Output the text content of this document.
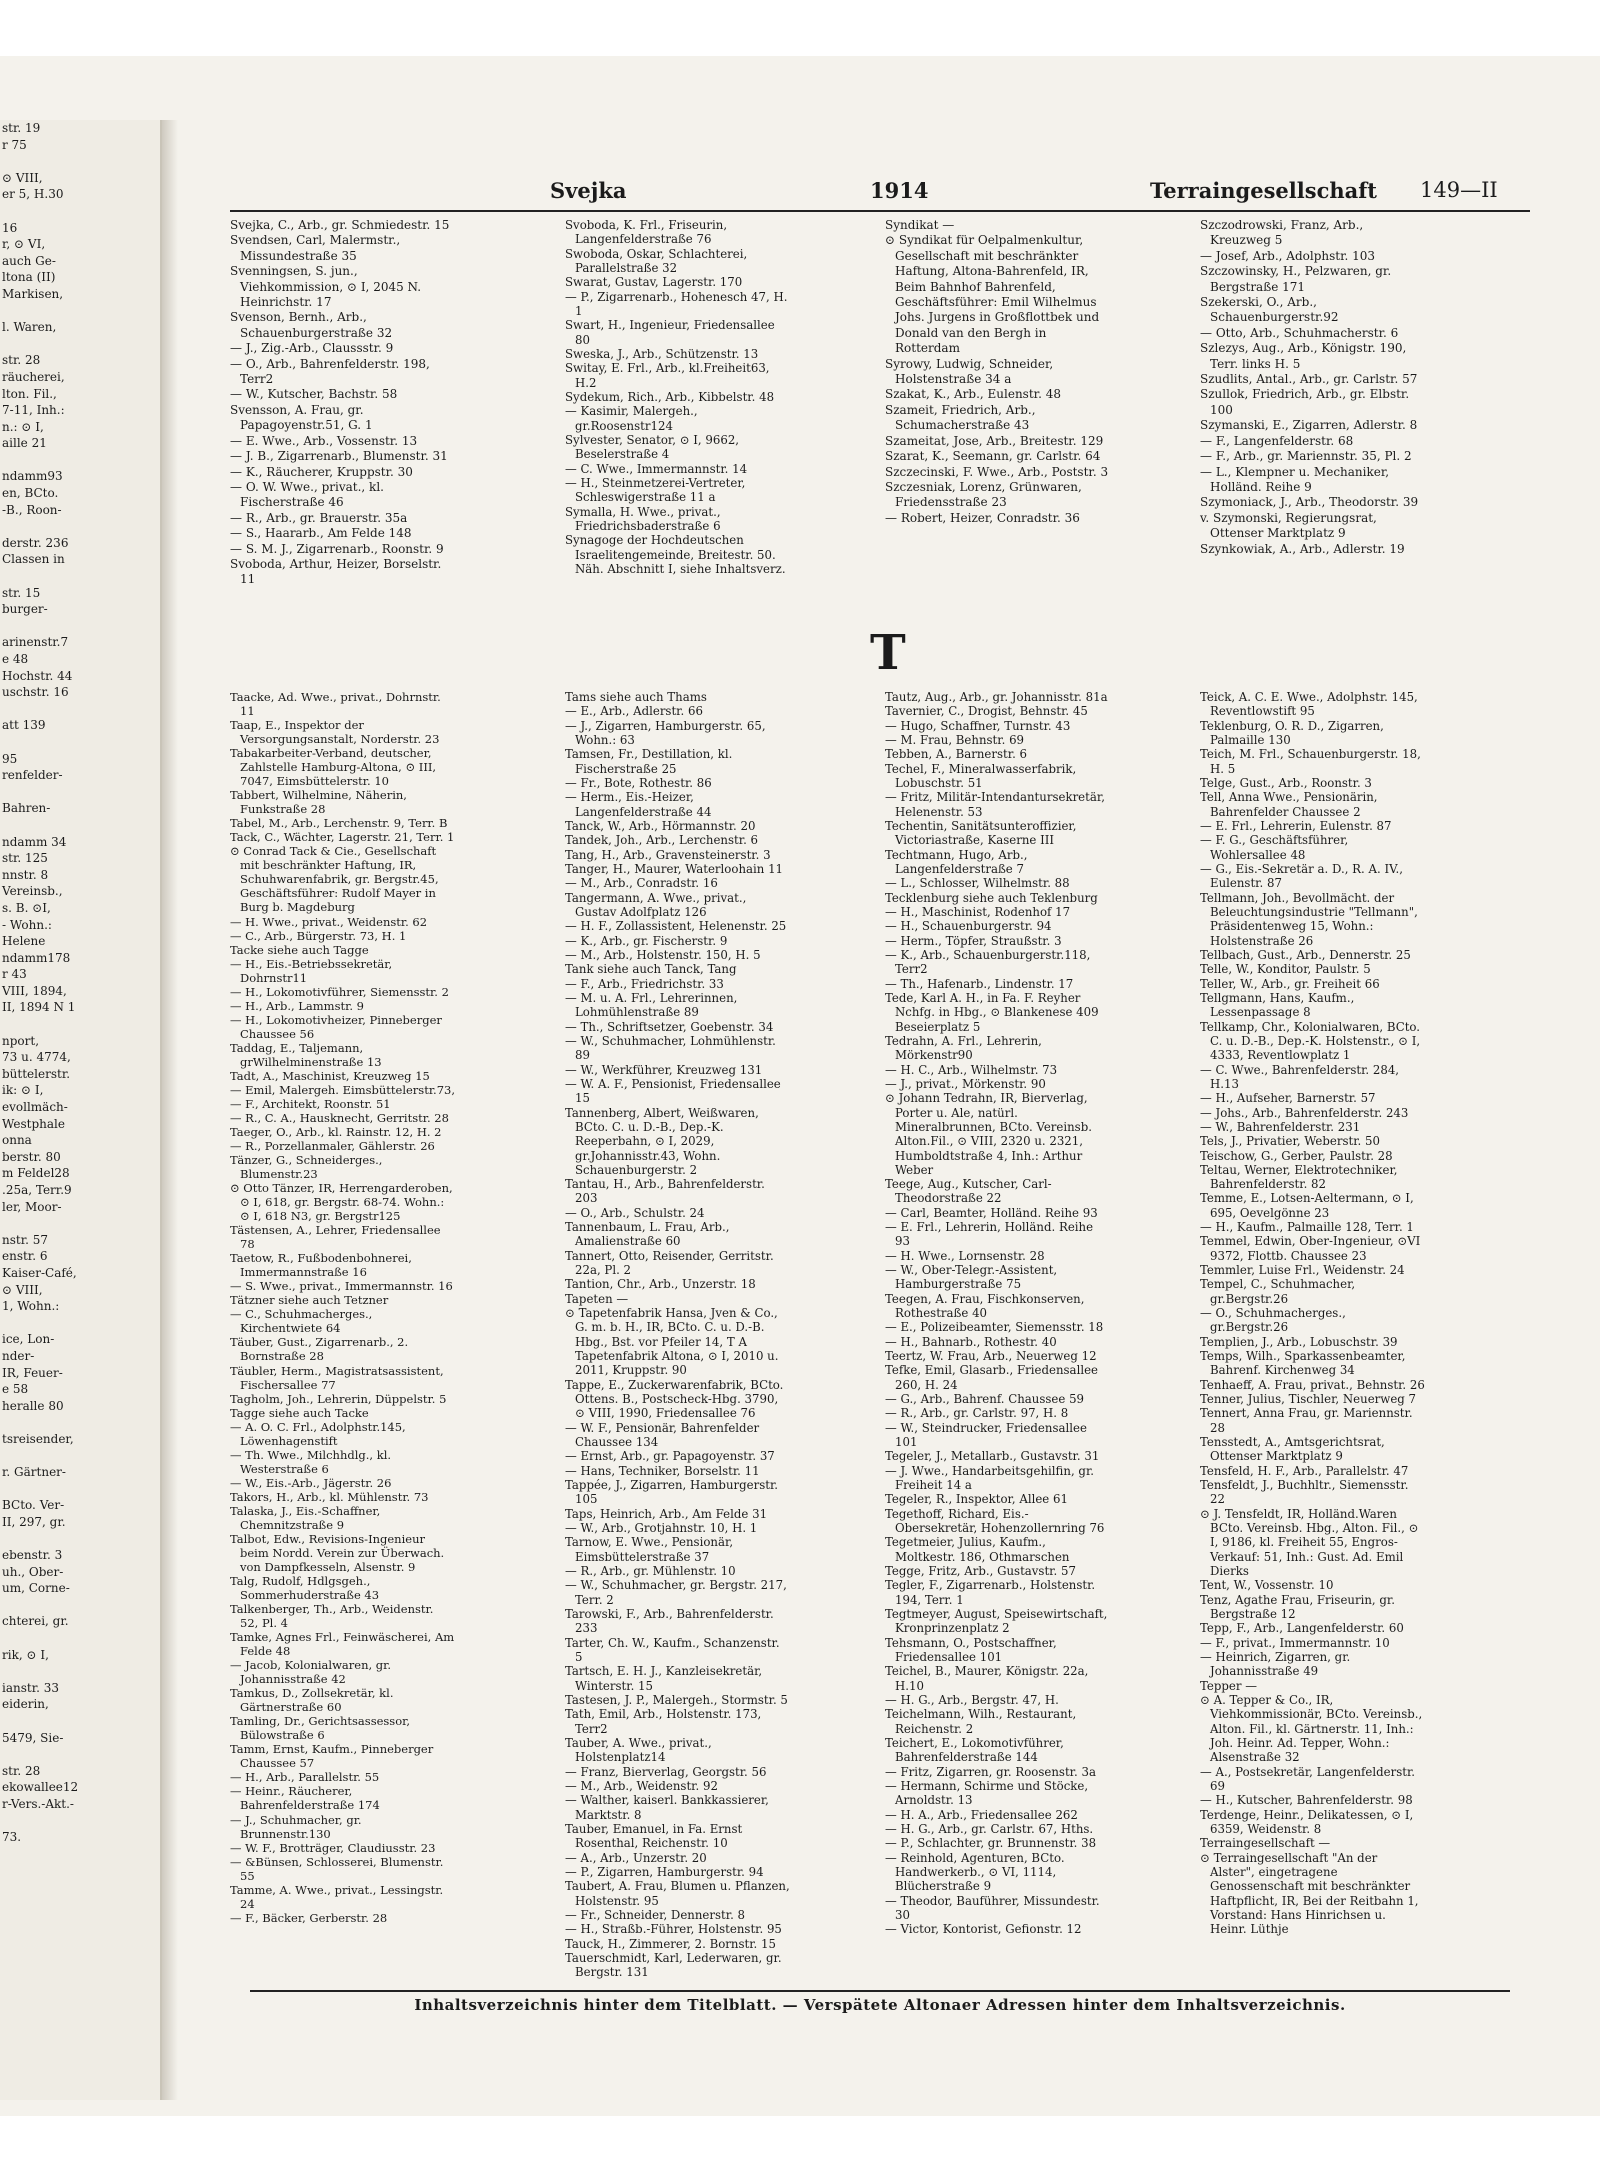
str. 19
r 75

⊙ VIII,
er 5, H.30

16
r, ⊙ VI,
auch Ge-
ltona (II)
Markisen,

l. Waren,

str. 28
räucherei,
lton. Fil.,
7-11, Inh.:
n.: ⊙ I,
aille 21

ndamm93
en, BCto.
-B., Roon-

derstr. 236
Classen in

str. 15
burger-

arinenstr.7
e 48
Hochstr. 44
uschstr. 16

att 139

95
renfelder-

Bahren-

ndamm 34
str. 125
nnstr. 8
Vereinsb.,
s. B. ⊙I,
- Wohn.:
Helene
ndamm178
r 43
VIII, 1894,
II, 1894 N 1

nport,
73 u. 4774,
büttelerstr.
ik: ⊙ I,
evollmäch-
Westphale
onna
berstr. 80
m Feldel28
.25a, Terr.9
ler, Moor-

nstr. 57
enstr. 6
Kaiser-Café,
⊙ VIII,
1, Wohn.:

ice, Lon-
nder-
IR, Feuer-
e 58
heralle 80

tsreisender,

r. Gärtner-

BCto. Ver-
II, 297, gr.

ebenstr. 3
uh., Ober-
um, Corne-

chterei, gr.

rik, ⊙ I,

ianstr. 33
eiderin,

5479, Sie-

str. 28
ekowallee12
r-Vers.-Akt.-

73.
Svejka	1914	Terraingesellschaft 149—II

Svejka, C., Arb., gr. Schmiedestr. 15

Svendsen, Carl, Malermstr., Missundestraße 35

Svenningsen, S. jun., Viehkommission, ⊙ I, 2045 N. Heinrichstr. 17

Svenson, Bernh., Arb., Schauenburgerstraße 32

— J., Zig.-Arb., Claussstr. 9

— O., Arb., Bahrenfelderstr. 198, Terr2

— W., Kutscher, Bachstr. 58

Svensson, A. Frau, gr. Papagoyenstr.51, G. 1

— E. Wwe., Arb., Vossenstr. 13

— J. B., Zigarrenarb., Blumenstr. 31

— K., Räucherer, Kruppstr. 30

— O. W. Wwe., privat., kl. Fischerstraße 46

— R., Arb., gr. Brauerstr. 35a

— S., Haararb., Am Felde 148

— S. M. J., Zigarrenarb., Roonstr. 9

Svoboda, Arthur, Heizer, Borselstr. 11

Svoboda, K. Frl., Friseurin, Langenfelderstraße 76

Swoboda, Oskar, Schlachterei, Parallelstraße 32

Swarat, Gustav, Lagerstr. 170

— P., Zigarrenarb., Hohenesch 47, H. 1

Swart, H., Ingenieur, Friedensallee 80

Sweska, J., Arb., Schützenstr. 13

Switay, E. Frl., Arb., kl.Freiheit63, H.2

Sydekum, Rich., Arb., Kibbelstr. 48

— Kasimir, Malergeh., gr.Roosenstr124

Sylvester, Senator, ⊙ I, 9662, Beselerstraße 4

— C. Wwe., Immermannstr. 14

— H., Steinmetzerei-Vertreter, Schleswigerstraße 11 a

Symalla, H. Wwe., privat., Friedrichsbaderstraße 6

Synagoge der Hochdeutschen Israelitengemeinde, Breitestr. 50. Näh. Abschnitt I, siehe Inhaltsverz.

Syndikat —

⊙ Syndikat für Oelpalmenkultur, Gesellschaft mit beschränkter Haftung, Altona-Bahrenfeld, IR, Beim Bahnhof Bahrenfeld, Geschäftsführer: Emil Wilhelmus Johs. Jurgens in Großflottbek und Donald van den Bergh in Rotterdam

Syrowy, Ludwig, Schneider, Holstenstraße 34 a

Szakat, K., Arb., Eulenstr. 48

Szameit, Friedrich, Arb., Schumacherstraße 43

Szameitat, Jose, Arb., Breitestr. 129

Szarat, K., Seemann, gr. Carlstr. 64

Szczecinski, F. Wwe., Arb., Poststr. 3

Szczesniak, Lorenz, Grünwaren, Friedensstraße 23

— Robert, Heizer, Conradstr. 36

Szczodrowski, Franz, Arb., Kreuzweg 5

— Josef, Arb., Adolphstr. 103

Szczowinsky, H., Pelzwaren, gr. Bergstraße 171

Szekerski, O., Arb., Schauenburgerstr.92

— Otto, Arb., Schuhmacherstr. 6

Szlezys, Aug., Arb., Königstr. 190, Terr. links H. 5

Szudlits, Antal., Arb., gr. Carlstr. 57

Szullok, Friedrich, Arb., gr. Elbstr. 100

Szymanski, E., Zigarren, Adlerstr. 8

— F., Langenfelderstr. 68

— F., Arb., gr. Mariennstr. 35, Pl. 2

— L., Klempner u. Mechaniker, Holländ. Reihe 9

Szymoniack, J., Arb., Theodorstr. 39

v. Szymonski, Regierungsrat, Ottenser Marktplatz 9

Szynkowiak, A., Arb., Adlerstr. 19

T

Taacke, Ad. Wwe., privat., Dohrnstr. 11

Taap, E., Inspektor der Versorgungsanstalt, Norderstr. 23

Tabakarbeiter-Verband, deutscher, Zahlstelle Hamburg-Altona, ⊙ III, 7047, Eimsbüttelerstr. 10

Tabbert, Wilhelmine, Näherin, Funkstraße 28

Tabel, M., Arb., Lerchenstr. 9, Terr. B

Tack, C., Wächter, Lagerstr. 21, Terr. 1

⊙ Conrad Tack & Cie., Gesellschaft mit beschränkter Haftung, IR, Schuhwarenfabrik, gr. Bergstr.45, Geschäftsführer: Rudolf Mayer in Burg b. Magdeburg

— H. Wwe., privat., Weidenstr. 62

— C., Arb., Bürgerstr. 73, H. 1

Tacke siehe auch Tagge

— H., Eis.-Betriebssekretär, Dohrnstr11

— H., Lokomotivführer, Siemensstr. 2

— H., Arb., Lammstr. 9

— H., Lokomotivheizer, Pinneberger Chaussee 56

Taddag, E., Taljemann, grWilhelminenstraße 13

Tadt, A., Maschinist, Kreuzweg 15

— Emil, Malergeh. Eimsbüttelerstr.73,

— F., Architekt, Roonstr. 51

— R., C. A., Hausknecht, Gerritstr. 28

Taeger, O., Arb., kl. Rainstr. 12, H. 2

— R., Porzellanmaler, Gählerstr. 26

Tänzer, G., Schneiderges., Blumenstr.23

⊙ Otto Tänzer, IR, Herrengarderoben, ⊙ I, 618, gr. Bergstr. 68-74. Wohn.: ⊙ I, 618 N3, gr. Bergstr125

Tästensen, A., Lehrer, Friedensallee 78

Taetow, R., Fußbodenbohnerei, Immermannstraße 16

— S. Wwe., privat., Immermannstr. 16

Tätzner siehe auch Tetzner

— C., Schuhmacherges., Kirchentwiete 64

Täuber, Gust., Zigarrenarb., 2. Bornstraße 28

Täubler, Herm., Magistratsassistent, Fischersallee 77

Tagholm, Joh., Lehrerin, Düppelstr. 5

Tagge siehe auch Tacke

— A. O. C. Frl., Adolphstr.145, Löwenhagenstift

— Th. Wwe., Milchhdlg., kl. Westerstraße 6

— W., Eis.-Arb., Jägerstr. 26

Takors, H., Arb., kl. Mühlenstr. 73

Talaska, J., Eis.-Schaffner, Chemnitzstraße 9

Talbot, Edw., Revisions-Ingenieur beim Nordd. Verein zur Überwach. von Dampfkesseln, Alsenstr. 9

Talg, Rudolf, Hdlgsgeh., Sommerhuderstraße 43

Talkenberger, Th., Arb., Weidenstr. 52, Pl. 4

Tamke, Agnes Frl., Feinwäscherei, Am Felde 48

— Jacob, Kolonialwaren, gr. Johannisstraße 42

Tamkus, D., Zollsekretär, kl. Gärtnerstraße 60

Tamling, Dr., Gerichtsassessor, Bülowstraße 6

Tamm, Ernst, Kaufm., Pinneberger Chaussee 57

— H., Arb., Parallelstr. 55

— Heinr., Räucherer, Bahrenfelderstraße 174

— J., Schuhmacher, gr. Brunnenstr.130

— W. F., Brotträger, Claudiusstr. 23

— &Bünsen, Schlosserei, Blumenstr. 55

Tamme, A. Wwe., privat., Lessingstr. 24

— F., Bäcker, Gerberstr. 28

Tams siehe auch Thams

— E., Arb., Adlerstr. 66

— J., Zigarren, Hamburgerstr. 65, Wohn.: 63

Tamsen, Fr., Destillation, kl. Fischerstraße 25

— Fr., Bote, Rothestr. 86

— Herm., Eis.-Heizer, Langenfelderstraße 44

Tanck, W., Arb., Hörmannstr. 20

Tandek, Joh., Arb., Lerchenstr. 6

Tang, H., Arb., Gravensteinerstr. 3

Tanger, H., Maurer, Waterloohain 11

— M., Arb., Conradstr. 16

Tangermann, A. Wwe., privat., Gustav Adolfplatz 126

— H. F., Zollassistent, Helenenstr. 25

— K., Arb., gr. Fischerstr. 9

— M., Arb., Holstenstr. 150, H. 5

Tank siehe auch Tanck, Tang

— F., Arb., Friedrichstr. 33

— M. u. A. Frl., Lehrerinnen, Lohmühlenstraße 89

— Th., Schriftsetzer, Goebenstr. 34

— W., Schuhmacher, Lohmühlenstr. 89

— W., Werkführer, Kreuzweg 131

— W. A. F., Pensionist, Friedensallee 15

Tannenberg, Albert, Weißwaren, BCto. C. u. D.-B., Dep.-K. Reeperbahn, ⊙ I, 2029, gr.Johannisstr.43, Wohn. Schauenburgerstr. 2

Tantau, H., Arb., Bahrenfelderstr. 203

— O., Arb., Schulstr. 24

Tannenbaum, L. Frau, Arb., Amalienstraße 60

Tannert, Otto, Reisender, Gerritstr. 22a, Pl. 2

Tantion, Chr., Arb., Unzerstr. 18

Tapeten —

⊙ Tapetenfabrik Hansa, Jven & Co., G. m. b. H., IR, BCto. C. u. D.-B. Hbg., Bst. vor Pfeiler 14, T A Tapetenfabrik Altona, ⊙ I, 2010 u. 2011, Kruppstr. 90

Tappe, E., Zuckerwarenfabrik, BCto. Ottens. B., Postscheck-Hbg. 3790, ⊙ VIII, 1990, Friedensallee 76

— W. F., Pensionär, Bahrenfelder Chaussee 134

— Ernst, Arb., gr. Papagoyenstr. 37

— Hans, Techniker, Borselstr. 11

Tappée, J., Zigarren, Hamburgerstr. 105

Taps, Heinrich, Arb., Am Felde 31

— W., Arb., Grotjahnstr. 10, H. 1

Tarnow, E. Wwe., Pensionär, Eimsbüttelerstraße 37

— R., Arb., gr. Mühlenstr. 10

— W., Schuhmacher, gr. Bergstr. 217, Terr. 2

Tarowski, F., Arb., Bahrenfelderstr. 233

Tarter, Ch. W., Kaufm., Schanzenstr. 5

Tartsch, E. H. J., Kanzleisekretär, Winterstr. 15

Tastesen, J. P., Malergeh., Stormstr. 5

Tath, Emil, Arb., Holstenstr. 173, Terr2

Tauber, A. Wwe., privat., Holstenplatz14

— Franz, Bierverlag, Georgstr. 56

— M., Arb., Weidenstr. 92

— Walther, kaiserl. Bankkassierer, Marktstr. 8

Tauber, Emanuel, in Fa. Ernst Rosenthal, Reichenstr. 10

— A., Arb., Unzerstr. 20

— P., Zigarren, Hamburgerstr. 94

Taubert, A. Frau, Blumen u. Pflanzen, Holstenstr. 95

— Fr., Schneider, Dennerstr. 8

— H., Straßb.-Führer, Holstenstr. 95

Tauck, H., Zimmerer, 2. Bornstr. 15

Tauerschmidt, Karl, Lederwaren, gr. Bergstr. 131

Tautz, Aug., Arb., gr. Johannisstr. 81a

Tavernier, C., Drogist, Behnstr. 45

— Hugo, Schaffner, Turnstr. 43

— M. Frau, Behnstr. 69

Tebben, A., Barnerstr. 6

Techel, F., Mineralwasserfabrik, Lobuschstr. 51

— Fritz, Militär-Intendantursekretär, Helenenstr. 53

Techentin, Sanitätsunteroffizier, Victoriastraße, Kaserne III

Techtmann, Hugo, Arb., Langenfelderstraße 7

— L., Schlosser, Wilhelmstr. 88

Tecklenburg siehe auch Teklenburg

— H., Maschinist, Rodenhof 17

— H., Schauenburgerstr. 94

— Herm., Töpfer, Straußstr. 3

— K., Arb., Schauenburgerstr.118, Terr2

— Th., Hafenarb., Lindenstr. 17

Tede, Karl A. H., in Fa. F. Reyher Nchfg. in Hbg., ⊙ Blankenese 409 Beseierplatz 5

Tedrahn, A. Frl., Lehrerin, Mörkenstr90

— H. C., Arb., Wilhelmstr. 73

— J., privat., Mörkenstr. 90

⊙ Johann Tedrahn, IR, Bierverlag, Porter u. Ale, natürl. Mineralbrunnen, BCto. Vereinsb. Alton.Fil., ⊙ VIII, 2320 u. 2321, Humboldtstraße 4, Inh.: Arthur Weber

Teege, Aug., Kutscher, Carl-Theodorstraße 22

— Carl, Beamter, Holländ. Reihe 93

— E. Frl., Lehrerin, Holländ. Reihe 93

— H. Wwe., Lornsenstr. 28

— W., Ober-Telegr.-Assistent, Hamburgerstraße 75

Teegen, A. Frau, Fischkonserven, Rothestraße 40

— E., Polizeibeamter, Siemensstr. 18

— H., Bahnarb., Rothestr. 40

Teertz, W. Frau, Arb., Neuerweg 12

Tefke, Emil, Glasarb., Friedensallee 260, H. 24

— G., Arb., Bahrenf. Chaussee 59

— R., Arb., gr. Carlstr. 97, H. 8

— W., Steindrucker, Friedensallee 101

Tegeler, J., Metallarb., Gustavstr. 31

— J. Wwe., Handarbeitsgehilfin, gr. Freiheit 14 a

Tegeler, R., Inspektor, Allee 61

Tegethoff, Richard, Eis.-Obersekretär, Hohenzollernring 76

Tegetmeier, Julius, Kaufm., Moltkestr. 186, Othmarschen

Tegge, Fritz, Arb., Gustavstr. 57

Tegler, F., Zigarrenarb., Holstenstr. 194, Terr. 1

Tegtmeyer, August, Speisewirtschaft, Kronprinzenplatz 2

Tehsmann, O., Postschaffner, Friedensallee 101

Teichel, B., Maurer, Königstr. 22a, H.10

— H. G., Arb., Bergstr. 47, H.

Teichelmann, Wilh., Restaurant, Reichenstr. 2

Teichert, E., Lokomotivführer, Bahrenfelderstraße 144

— Fritz, Zigarren, gr. Roosenstr. 3a

— Hermann, Schirme und Stöcke, Arnoldstr. 13

— H. A., Arb., Friedensallee 262

— H. G., Arb., gr. Carlstr. 67, Hths.

— P., Schlachter, gr. Brunnenstr. 38

— Reinhold, Agenturen, BCto. Handwerkerb., ⊙ VI, 1114, Blücherstraße 9

— Theodor, Bauführer, Missundestr. 30

— Victor, Kontorist, Gefionstr. 12

Teick, A. C. E. Wwe., Adolphstr. 145, Reventlowstift 95

Teklenburg, O. R. D., Zigarren, Palmaille 130

Teich, M. Frl., Schauenburgerstr. 18, H. 5

Telge, Gust., Arb., Roonstr. 3

Tell, Anna Wwe., Pensionärin, Bahrenfelder Chaussee 2

— E. Frl., Lehrerin, Eulenstr. 87

— F. G., Geschäftsführer, Wohlersallee 48

— G., Eis.-Sekretär a. D., R. A. IV., Eulenstr. 87

Tellmann, Joh., Bevollmächt. der Beleuchtungsindustrie "Tellmann", Präsidentenweg 15, Wohn.: Holstenstraße 26

Tellbach, Gust., Arb., Dennerstr. 25

Telle, W., Konditor, Paulstr. 5

Teller, W., Arb., gr. Freiheit 66

Tellgmann, Hans, Kaufm., Lessenpassage 8

Tellkamp, Chr., Kolonialwaren, BCto. C. u. D.-B., Dep.-K. Holstenstr., ⊙ I, 4333, Reventlowplatz 1

— C. Wwe., Bahrenfelderstr. 284, H.13

— H., Aufseher, Barnerstr. 57

— Johs., Arb., Bahrenfelderstr. 243

— W., Bahrenfelderstr. 231

Tels, J., Privatier, Weberstr. 50

Teischow, G., Gerber, Paulstr. 28

Teltau, Werner, Elektrotechniker, Bahrenfelderstr. 82

Temme, E., Lotsen-Aeltermann, ⊙ I, 695, Oevelgönne 23

— H., Kaufm., Palmaille 128, Terr. 1

Temmel, Edwin, Ober-Ingenieur, ⊙VI 9372, Flottb. Chaussee 23

Temmler, Luise Frl., Weidenstr. 24

Tempel, C., Schuhmacher, gr.Bergstr.26

— O., Schuhmacherges., gr.Bergstr.26

Templien, J., Arb., Lobuschstr. 39

Temps, Wilh., Sparkassenbeamter, Bahrenf. Kirchenweg 34

Tenhaeff, A. Frau, privat., Behnstr. 26

Tenner, Julius, Tischler, Neuerweg 7

Tennert, Anna Frau, gr. Mariennstr. 28

Tensstedt, A., Amtsgerichtsrat, Ottenser Marktplatz 9

Tensfeld, H. F., Arb., Parallelstr. 47

Tensfeldt, J., Buchhltr., Siemensstr. 22

⊙ J. Tensfeldt, IR, Holländ.Waren BCto. Vereinsb. Hbg., Alton. Fil., ⊙ I, 9186, kl. Freiheit 55, Engros-Verkauf: 51, Inh.: Gust. Ad. Emil Dierks

Tent, W., Vossenstr. 10

Tenz, Agathe Frau, Friseurin, gr. Bergstraße 12

Tepp, F., Arb., Langenfelderstr. 60

— F., privat., Immermannstr. 10

— Heinrich, Zigarren, gr. Johannisstraße 49

Tepper —

⊙ A. Tepper & Co., IR, Viehkommissionär, BCto. Vereinsb., Alton. Fil., kl. Gärtnerstr. 11, Inh.: Joh. Heinr. Ad. Tepper, Wohn.: Alsenstraße 32

— A., Postsekretär, Langenfelderstr. 69

— H., Kutscher, Bahrenfelderstr. 98

Terdenge, Heinr., Delikatessen, ⊙ I, 6359, Weidenstr. 8

Terraingesellschaft —

⊙ Terraingesellschaft "An der Alster", eingetragene Genossenschaft mit beschränkter Haftpflicht, IR, Bei der Reitbahn 1, Vorstand: Hans Hinrichsen u. Heinr. Lüthje

Inhaltsverzeichnis hinter dem Titelblatt. — Verspätete Altonaer Adressen hinter dem Inhaltsverzeichnis.
